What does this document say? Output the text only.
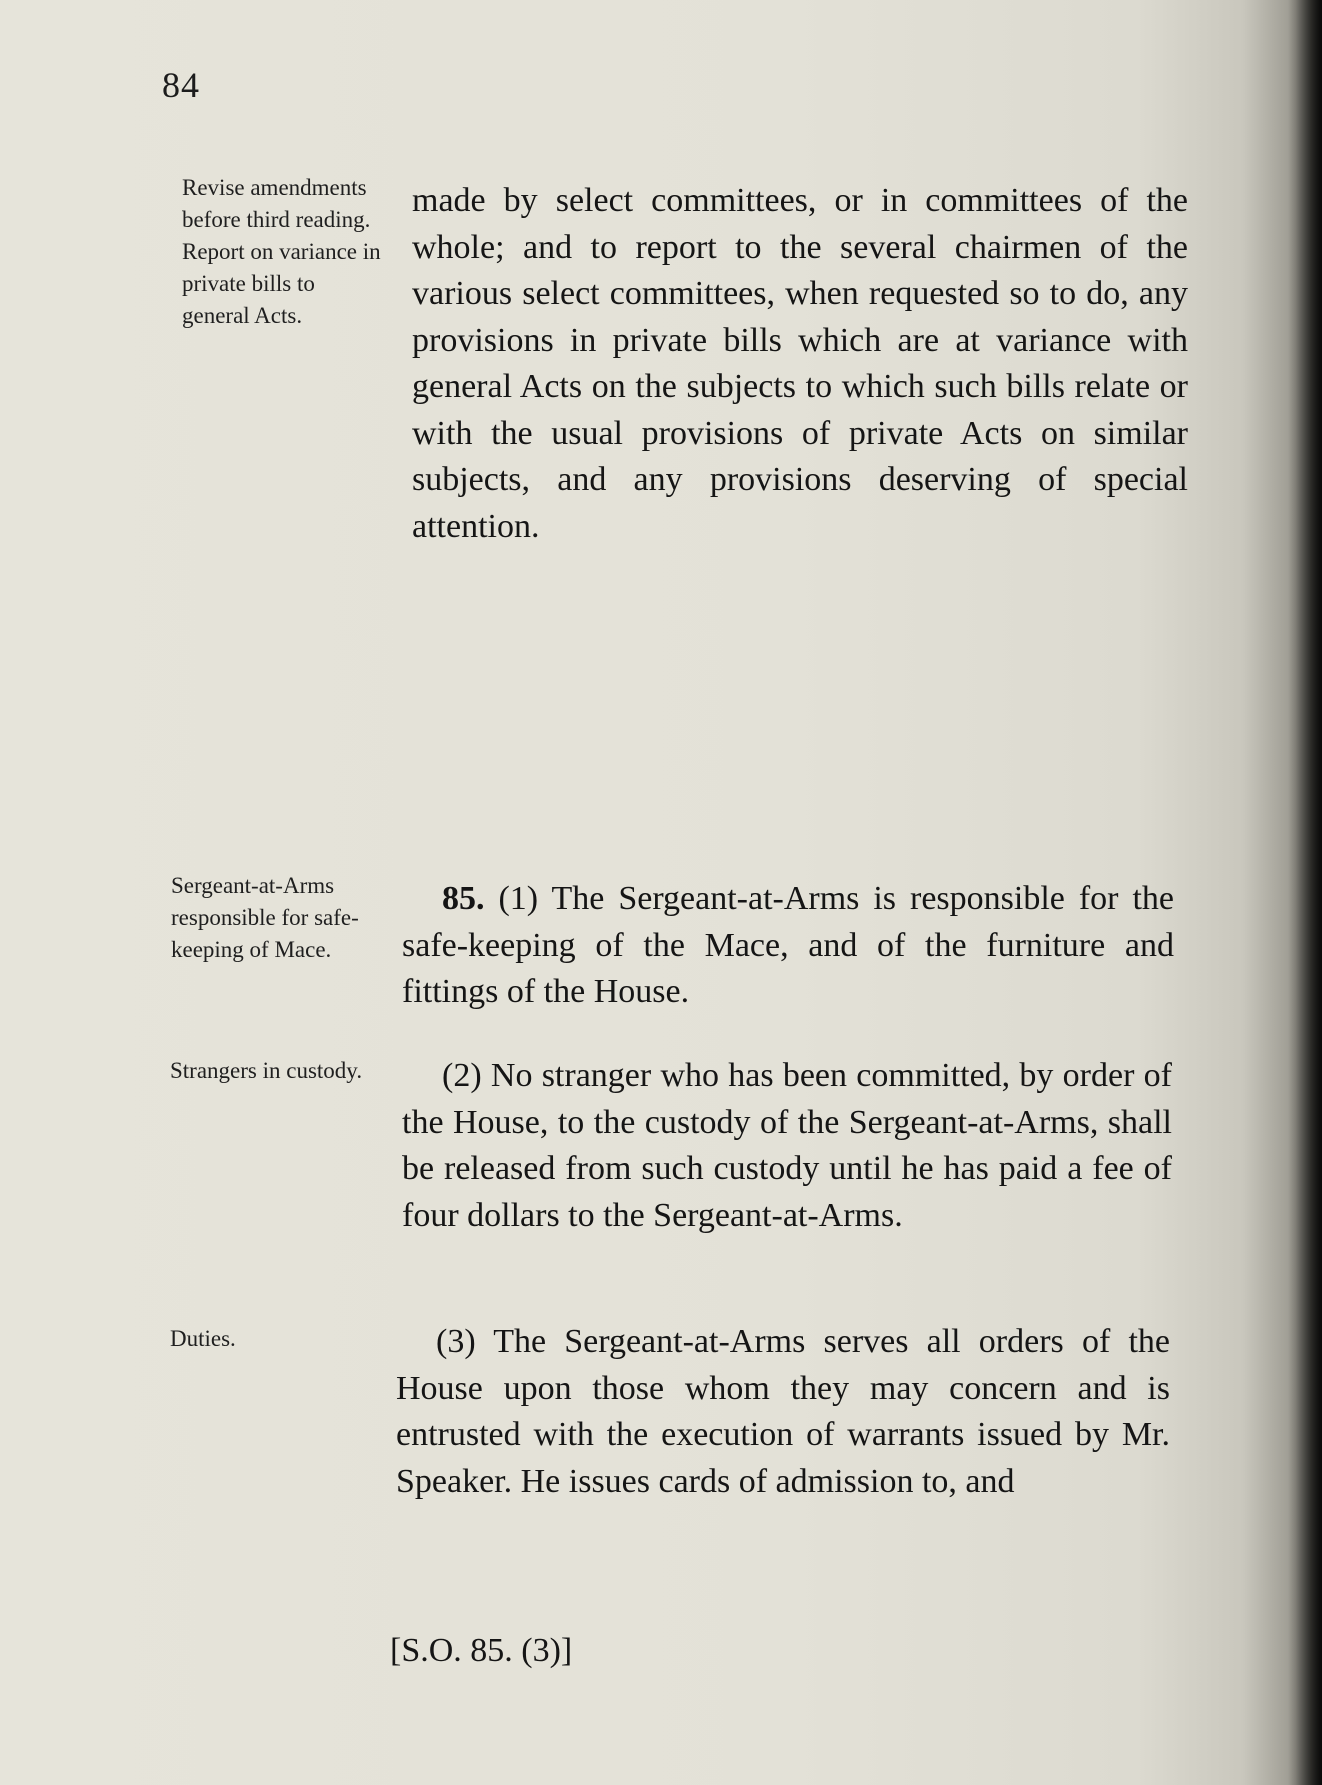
84

Revise amendments before third reading. Report on variance in private bills to general Acts.

Sergeant-at-Arms responsible for safe-keeping of Mace.

Strangers in custody.

Duties.

made by select committees, or in committees of the whole; and to report to the several chairmen of the various select committees, when requested so to do, any provisions in private bills which are at variance with general Acts on the subjects to which such bills relate or with the usual provisions of private Acts on similar subjects, and any provisions deserving of special attention.

85. (1) The Sergeant-at-Arms is responsible for the safe-keeping of the Mace, and of the furniture and fittings of the House.

(2) No stranger who has been committed, by order of the House, to the custody of the Sergeant-at-Arms, shall be released from such custody until he has paid a fee of four dollars to the Sergeant-at-Arms.

(3) The Sergeant-at-Arms serves all orders of the House upon those whom they may concern and is entrusted with the execution of warrants issued by Mr. Speaker. He issues cards of admission to, and

[S.O. 85. (3)]
